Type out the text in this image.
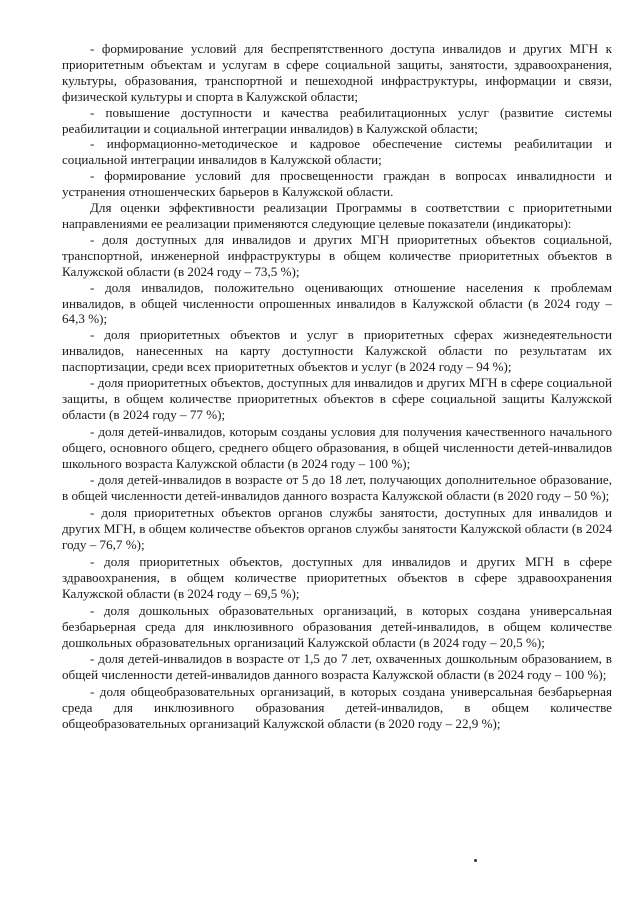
- формирование условий для беспрепятственного доступа инвалидов и других МГН к приоритетным объектам и услугам в сфере социальной защиты, занятости, здравоохранения, культуры, образования, транспортной и пешеходной инфраструктуры, информации и связи, физической культуры и спорта в Калужской области;

- повышение доступности и качества реабилитационных услуг (развитие системы реабилитации и социальной интеграции инвалидов) в Калужской области;

- информационно-методическое и кадровое обеспечение системы реабилитации и социальной интеграции инвалидов в Калужской области;

- формирование условий для просвещенности граждан в вопросах инвалидности и устранения отношенческих барьеров в Калужской области.

Для оценки эффективности реализации Программы в соответствии с приоритетными направлениями ее реализации применяются следующие целевые показатели (индикаторы):

- доля доступных для инвалидов и других МГН приоритетных объектов социальной, транспортной, инженерной инфраструктуры в общем количестве приоритетных объектов в Калужской области (в 2024 году – 73,5 %);

- доля инвалидов, положительно оценивающих отношение населения к проблемам инвалидов, в общей численности опрошенных инвалидов в Калужской области (в 2024 году – 64,3 %);

- доля приоритетных объектов и услуг в приоритетных сферах жизнедеятельности инвалидов, нанесенных на карту доступности Калужской области по результатам их паспортизации, среди всех приоритетных объектов и услуг (в 2024 году – 94 %);

- доля приоритетных объектов, доступных для инвалидов и других МГН в сфере социальной защиты, в общем количестве приоритетных объектов в сфере социальной защиты Калужской области (в 2024 году – 77 %);

- доля детей-инвалидов, которым созданы условия для получения качественного начального общего, основного общего, среднего общего образования, в общей численности детей-инвалидов школьного возраста Калужской области (в 2024 году – 100 %);

- доля детей-инвалидов в возрасте от 5 до 18 лет, получающих дополнительное образование, в общей численности детей-инвалидов данного возраста Калужской области (в 2020 году – 50 %);

- доля приоритетных объектов органов службы занятости, доступных для инвалидов и других МГН, в общем количестве объектов органов службы занятости Калужской области (в 2024 году – 76,7 %);

- доля приоритетных объектов, доступных для инвалидов и других МГН в сфере здравоохранения, в общем количестве приоритетных объектов в сфере здравоохранения Калужской области (в 2024 году – 69,5 %);

- доля дошкольных образовательных организаций, в которых создана универсальная безбарьерная среда для инклюзивного образования детей-инвалидов, в общем количестве дошкольных образовательных организаций Калужской области (в 2024 году – 20,5 %);

- доля детей-инвалидов в возрасте от 1,5 до 7 лет, охваченных дошкольным образованием, в общей численности детей-инвалидов данного возраста Калужской области (в 2024 году – 100 %);

- доля общеобразовательных организаций, в которых создана универсальная безбарьерная среда для инклюзивного образования детей-инвалидов, в общем количестве общеобразовательных организаций Калужской области (в 2020 году – 22,9 %);
